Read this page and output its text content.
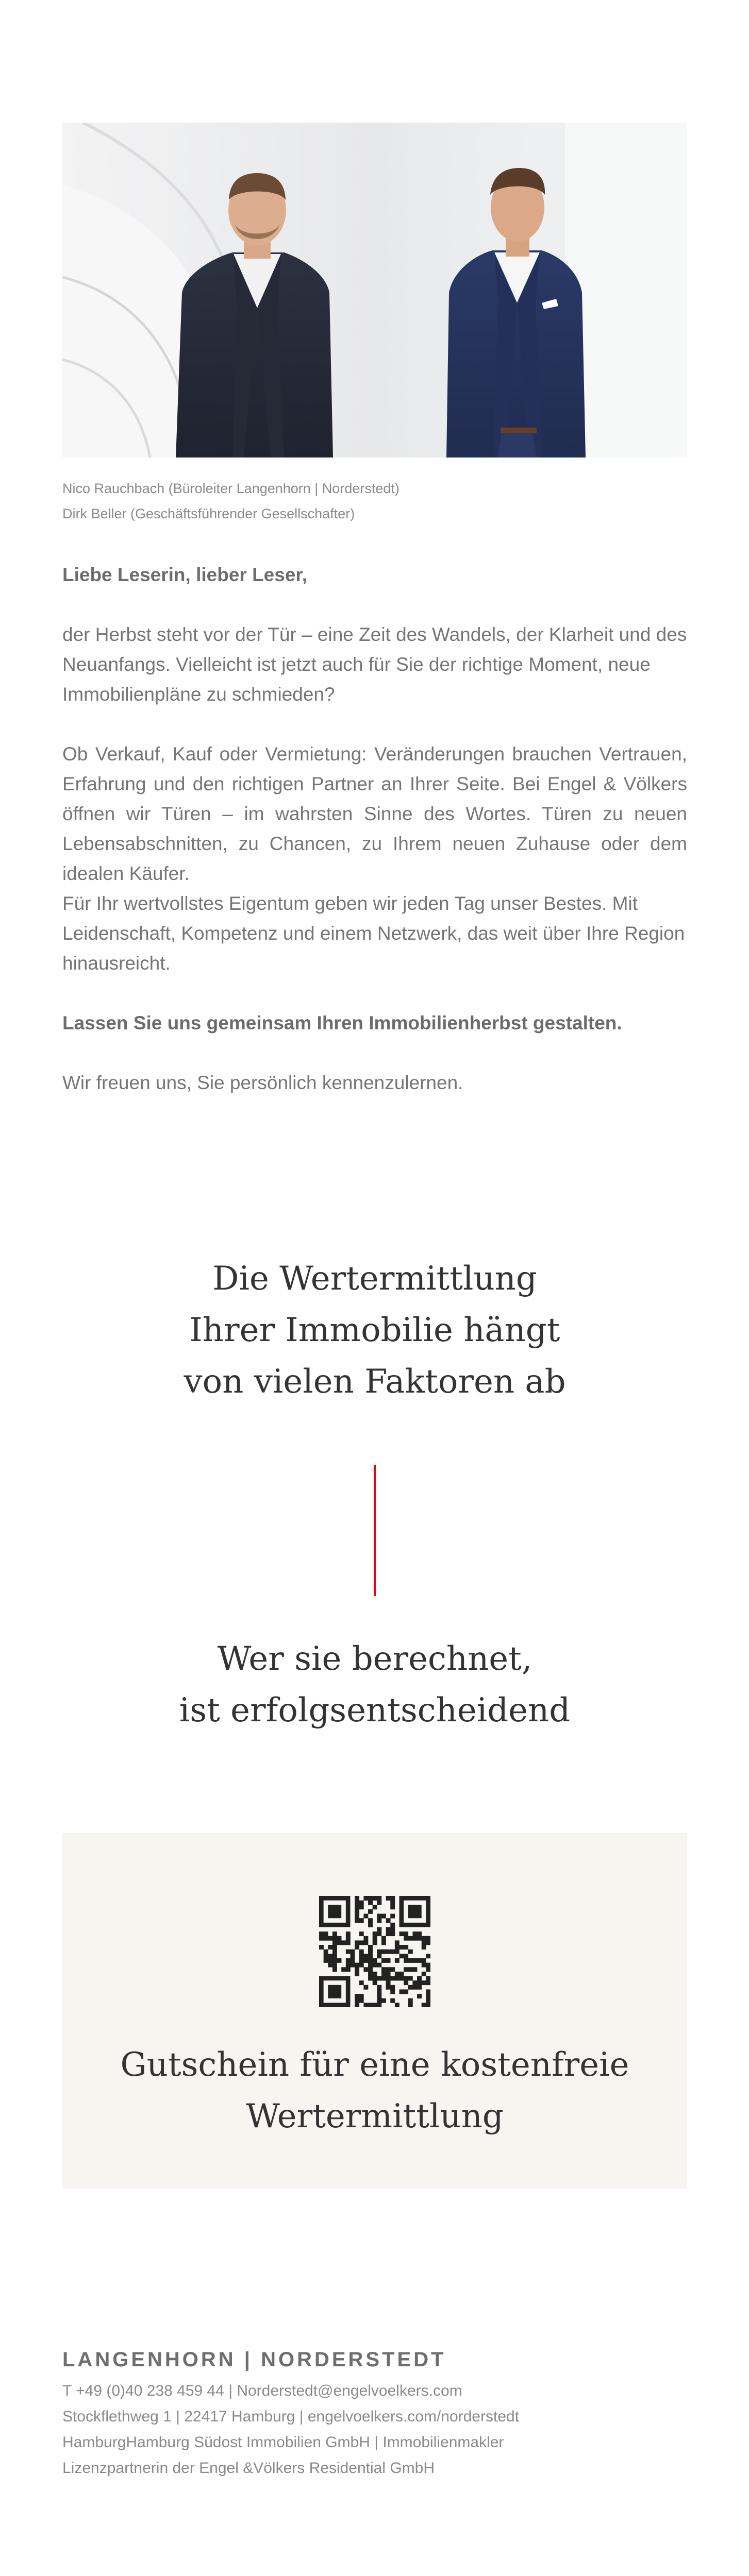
Nico Rauchbach (Büroleiter Langenhorn | Norderstedt)
Dirk Beller (Geschäftsführender Gesellschafter)

Liebe Leserin, lieber Leser,

der Herbst steht vor der Tür – eine Zeit des Wandels, der Klarheit und des Neuanfangs. Vielleicht ist jetzt auch für Sie der richtige Moment, neue Immobilienpläne zu schmieden?

Ob Verkauf, Kauf oder Vermietung: Veränderungen brauchen Vertrauen, Erfahrung und den richtigen Partner an Ihrer Seite. Bei Engel & Völkers öffnen wir Türen – im wahrsten Sinne des Wortes. Türen zu neuen Lebensabschnitten, zu Chancen, zu Ihrem neuen Zuhause oder dem idealen Käufer.

Für Ihr wertvollstes Eigentum geben wir jeden Tag unser Bestes. Mit Leidenschaft, Kompetenz und einem Netzwerk, das weit über Ihre Region hinausreicht.

Lassen Sie uns gemeinsam Ihren Immobilienherbst gestalten.

Wir freuen uns, Sie persönlich kennenzulernen.

Die Wertermittlung
Ihrer Immobilie hängt
von vielen Faktoren ab
Wer sie berechnet,
ist erfolgsentscheidend
Gutschein für eine kostenfreie
Wertermittlung
LANGENHORN | NORDERSTEDT
T +49 (0)40 238 459 44 | Norderstedt@engelvoelkers.com
Stockflethweg 1 | 22417 Hamburg | engelvoelkers.com/norderstedt
HamburgHamburg Südost Immobilien GmbH | Immobilienmakler
Lizenzpartnerin der Engel &Völkers Residential GmbH
